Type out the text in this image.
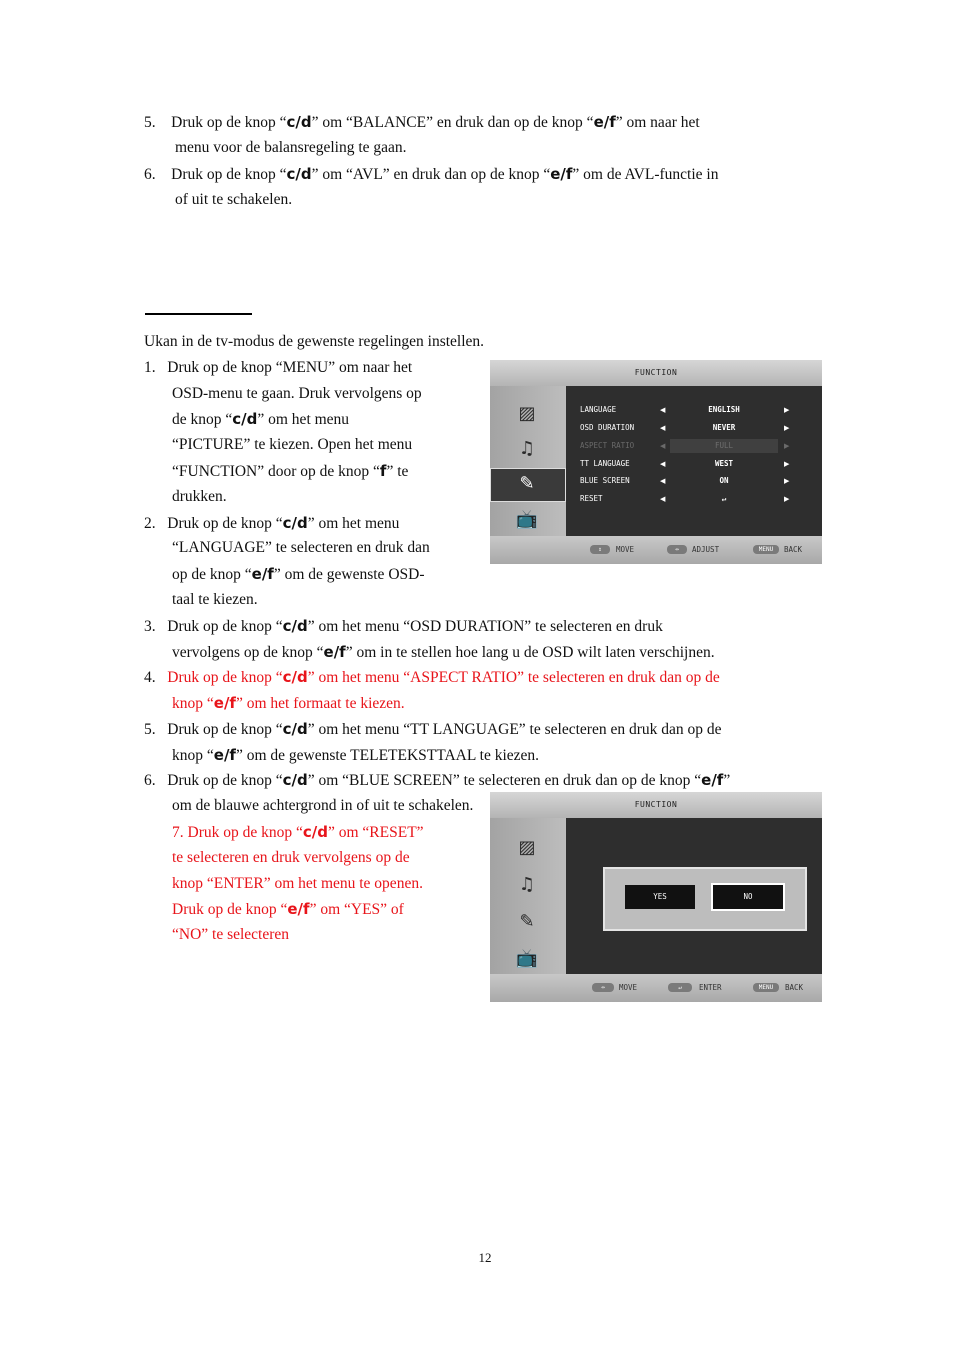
5. Druk op de knop “c/d” om “BALANCE” en druk dan op de knop “e/f” om naar het
menu voor de balansregeling te gaan.
6. Druk op de knop “c/d” om “AVL” en druk dan op de knop “e/f” om de AVL-functie in
of uit te schakelen.
Ukan in de tv-modus de gewenste regelingen instellen.
1. Druk op de knop “MENU” om naar het
OSD-menu te gaan. Druk vervolgens op
de knop “c/d” om het menu
“PICTURE” te kiezen. Open het menu
“FUNCTION” door op de knop “f” te
drukken.
2. Druk op de knop “c/d” om het menu
“LANGUAGE” te selecteren en druk dan
op de knop “e/f” om de gewenste OSD-
taal te kiezen.
3. Druk op de knop “c/d” om het menu “OSD DURATION” te selecteren en druk
vervolgens op de knop “e/f” om in te stellen hoe lang u de OSD wilt laten verschijnen.
4. Druk op de knop “c/d” om het menu “ASPECT RATIO” te selecteren en druk dan op de
knop “e/f” om het formaat te kiezen.
5. Druk op de knop “c/d” om het menu “TT LANGUAGE” te selecteren en druk dan op de
knop “e/f” om de gewenste TELETEKSTTAAL te kiezen.
6. Druk op de knop “c/d” om “BLUE SCREEN” te selecteren en druk dan op de knop “e/f”
om de blauwe achtergrond in of uit te schakelen.
7. Druk op de knop “c/d” om “RESET”
te selecteren en druk vervolgens op de
knop “ENTER” om het menu te openen.
Druk op de knop “e/f” om “YES” of
“NO” te selecteren
FUNCTION
▨
♫
✎
📺
LANGUAGE	◀	ENGLISH	▶
OSD DURATION	◀	NEVER	▶
ASPECT RATIO	◀	FULL	▶
TT LANGUAGE	◀	WEST	▶
BLUE SCREEN	◀	ON	▶
RESET	◀	↵	▶
⇕	MOVE	⇔	ADJUST	MENU	BACK
FUNCTION
▨
♫
✎
📺
YES	NO
⇔	MOVE	↵	ENTER	MENU	BACK
12
